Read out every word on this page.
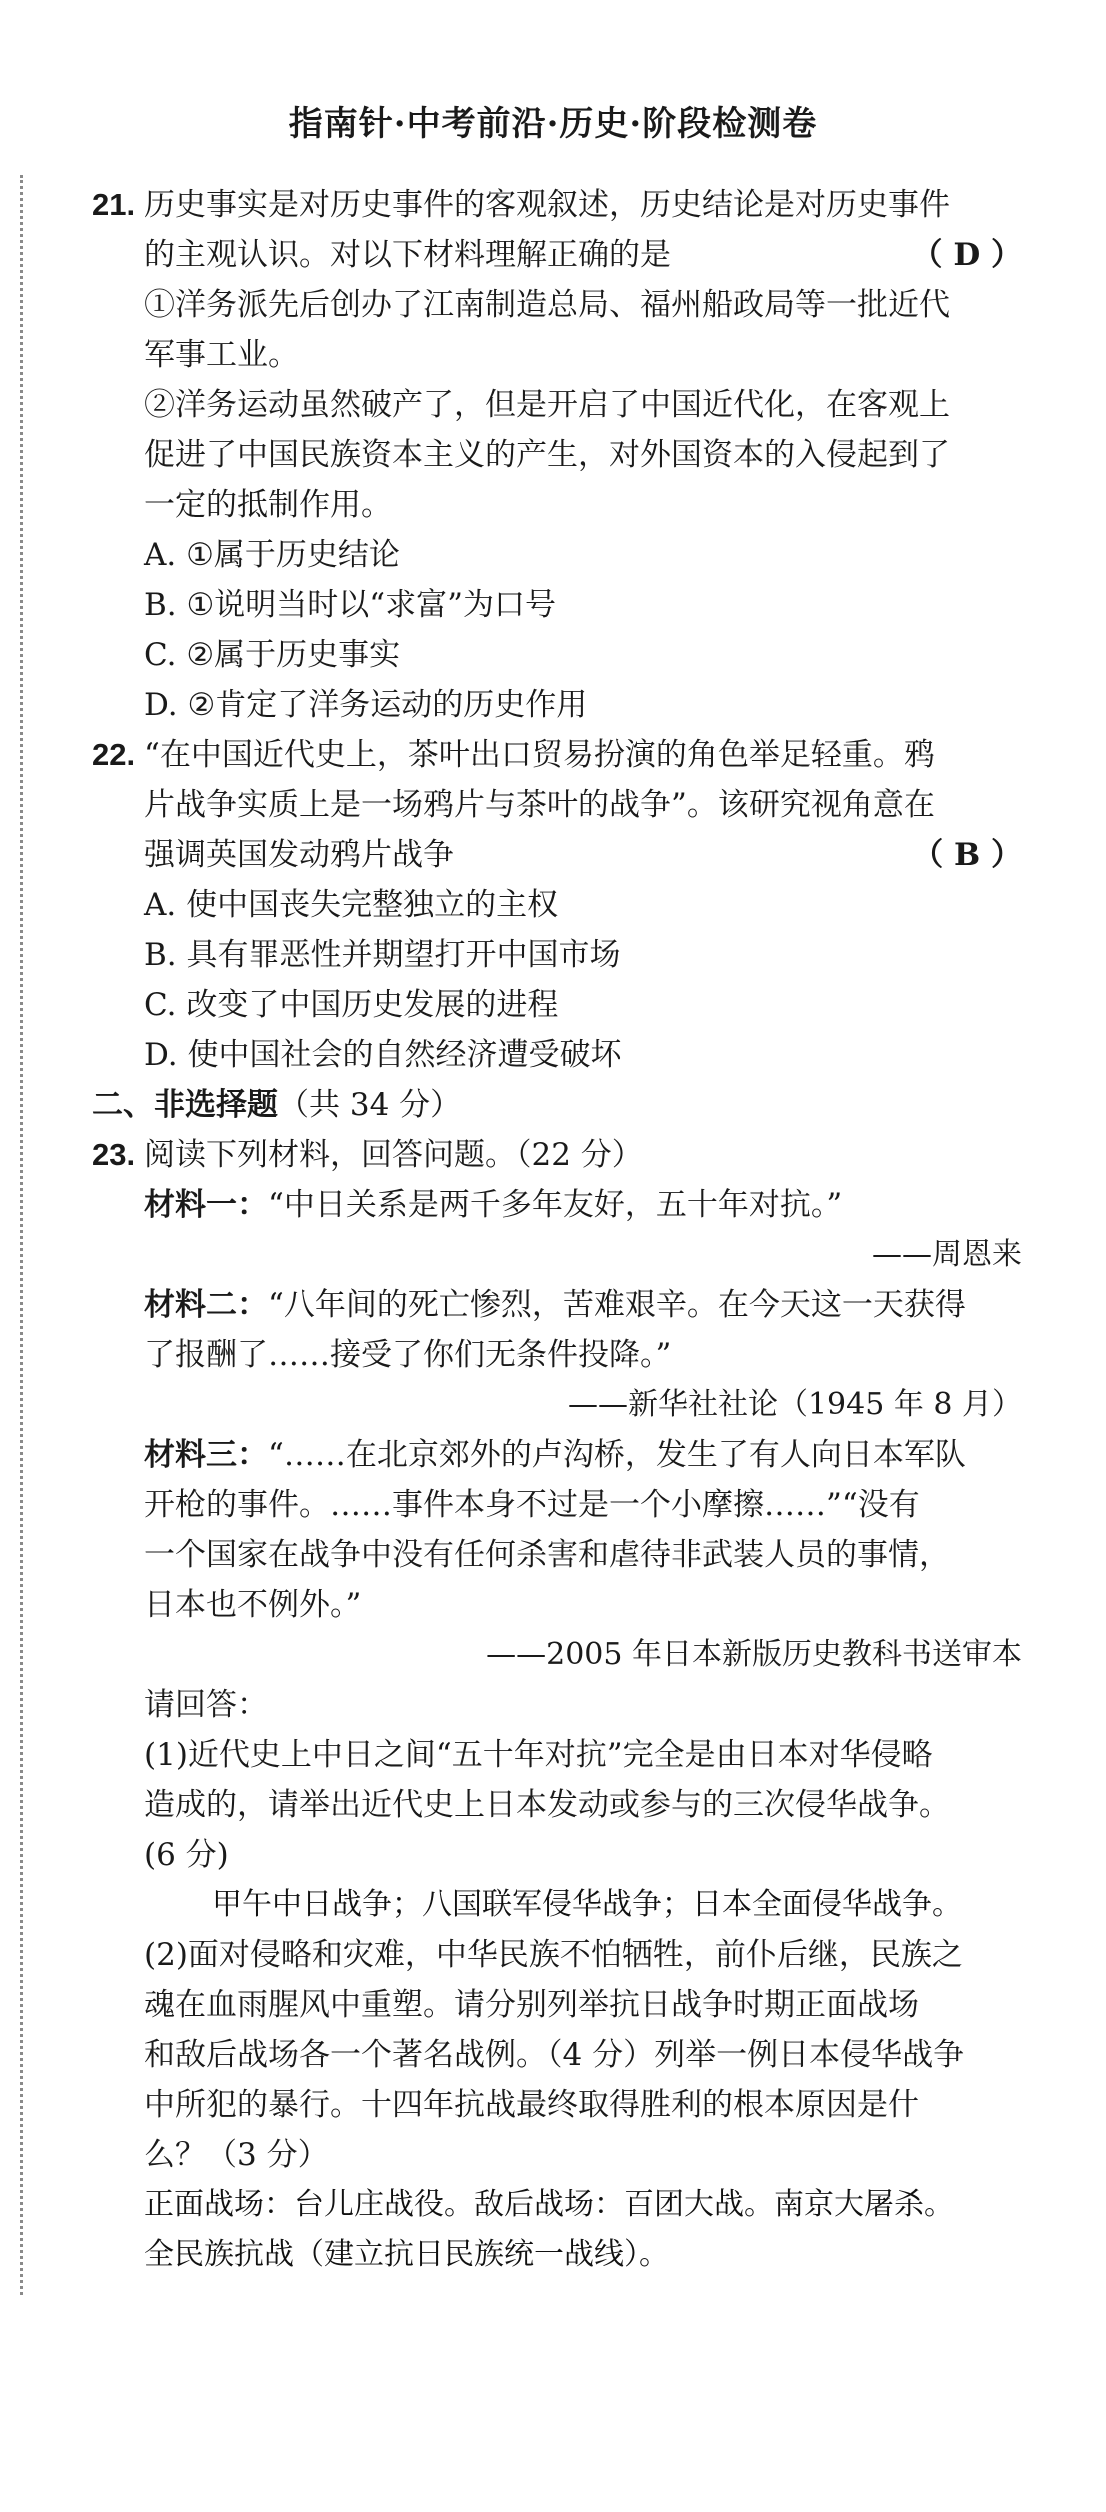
指南针·中考前沿·历史·阶段检测卷
21. 历史事实是对历史事件的客观叙述，历史结论是对历史事件
的主观认识。对以下材料理解正确的是	（ D ）
①洋务派先后创办了江南制造总局、福州船政局等一批近代
军事工业。
②洋务运动虽然破产了，但是开启了中国近代化，在客观上
促进了中国民族资本主义的产生，对外国资本的入侵起到了
一定的抵制作用。
A. ①属于历史结论
B. ①说明当时以“求富”为口号
C. ②属于历史事实
D. ②肯定了洋务运动的历史作用
22. “在中国近代史上，茶叶出口贸易扮演的角色举足轻重。鸦
片战争实质上是一场鸦片与茶叶的战争”。该研究视角意在
强调英国发动鸦片战争	（ B ）
A. 使中国丧失完整独立的主权
B. 具有罪恶性并期望打开中国市场
C. 改变了中国历史发展的进程
D. 使中国社会的自然经济遭受破坏
二、非选择题（共 34 分）
23. 阅读下列材料，回答问题。（22 分）
材料一：“中日关系是两千多年友好，五十年对抗。”
——周恩来
材料二：“八年间的死亡惨烈，苦难艰辛。在今天这一天获得
了报酬了……接受了你们无条件投降。”
——新华社社论（1945 年 8 月）
材料三：“……在北京郊外的卢沟桥，发生了有人向日本军队
开枪的事件。……事件本身不过是一个小摩擦……”“没有
一个国家在战争中没有任何杀害和虐待非武装人员的事情，
日本也不例外。”
——2005 年日本新版历史教科书送审本
请回答：
(1)近代史上中日之间“五十年对抗”完全是由日本对华侵略
造成的，请举出近代史上日本发动或参与的三次侵华战争。
(6 分)
甲午中日战争；八国联军侵华战争；日本全面侵华战争。
(2)面对侵略和灾难，中华民族不怕牺牲，前仆后继，民族之
魂在血雨腥风中重塑。请分别列举抗日战争时期正面战场
和敌后战场各一个著名战例。（4 分）列举一例日本侵华战争
中所犯的暴行。十四年抗战最终取得胜利的根本原因是什
么？（3 分）
正面战场：台儿庄战役。敌后战场：百团大战。南京大屠杀。
全民族抗战（建立抗日民族统一战线）。
